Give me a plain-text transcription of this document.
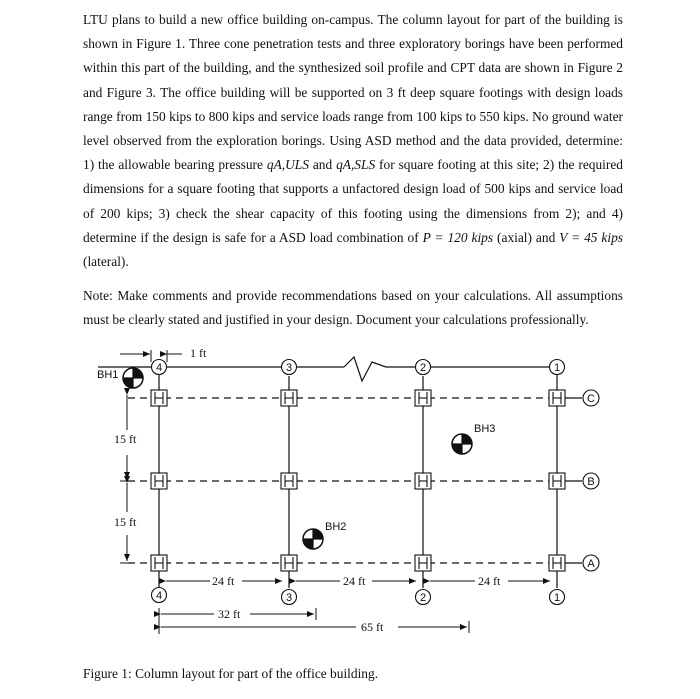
LTU plans to build a new office building on-campus. The column layout for part of the building is shown in Figure 1. Three cone penetration tests and three exploratory borings have been performed within this part of the building, and the synthesized soil profile and CPT data are shown in Figure 2 and Figure 3. The office building will be supported on 3 ft deep square footings with design loads range from 150 kips to 800 kips and service loads range from 100 kips to 550 kips. No ground water level observed from the exploration borings. Using ASD method and the data provided, determine: 1) the allowable bearing pressure qA,ULS and qA,SLS for square footing at this site; 2) the required dimensions for a square footing that supports a unfactored design load of 500 kips and service load of 200 kips; 3) check the shear capacity of this footing using the dimensions from 2); and 4) determine if the design is safe for a ASD load combination of P = 120 kips (axial) and V = 45 kips (lateral).
Note: Make comments and provide recommendations based on your calculations. All assumptions must be clearly stated and justified in your design. Document your calculations professionally.
4	3	2	1
4	3	2	1
C
B
A
BH1
BH2
BH3
1 ft
15 ft
15 ft
24 ft	24 ft	24 ft
32 ft
65 ft
Figure 1: Column layout for part of the office building.
